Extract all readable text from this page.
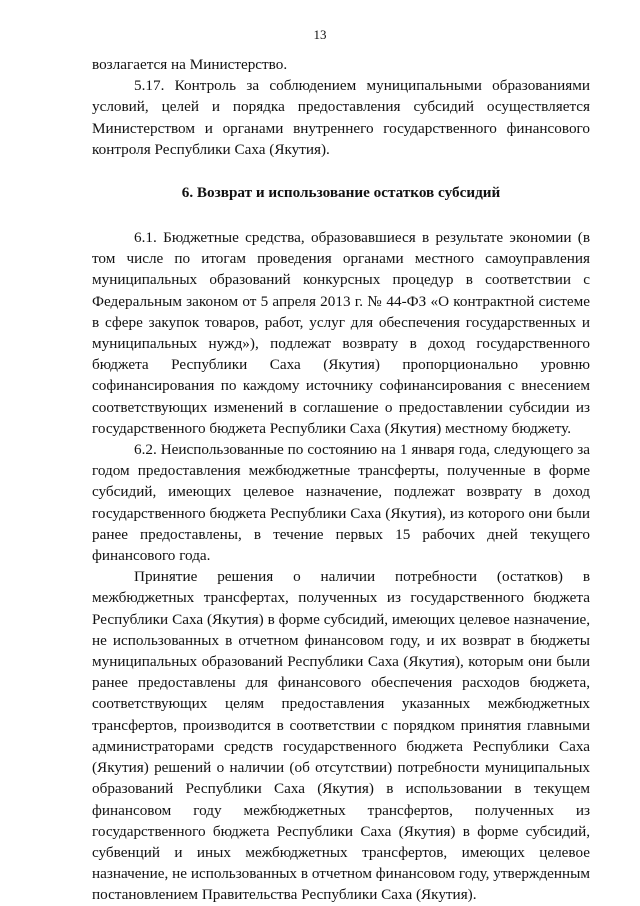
13

возлагается на Министерство.

5.17. Контроль за соблюдением муниципальными образованиями условий, целей и порядка предоставления субсидий осуществляется Министерством и органами внутреннего государственного финансового контроля Республики Саха (Якутия).

6. Возврат и использование остатков субсидий

6.1. Бюджетные средства, образовавшиеся в результате экономии (в том числе по итогам проведения органами местного самоуправления муниципальных образований конкурсных процедур в соответствии с Федеральным законом от 5 апреля 2013 г. № 44-ФЗ «О контрактной системе в сфере закупок товаров, работ, услуг для обеспечения государственных и муниципальных нужд»), подлежат возврату в доход государственного бюджета Республики Саха (Якутия) пропорционально уровню софинансирования по каждому источнику софинансирования с внесением соответствующих изменений в соглашение о предоставлении субсидии из государственного бюджета Республики Саха (Якутия) местному бюджету.

6.2. Неиспользованные по состоянию на 1 января года, следующего за годом предоставления межбюджетные трансферты, полученные в форме субсидий, имеющих целевое назначение, подлежат возврату в доход государственного бюджета Республики Саха (Якутия), из которого они были ранее предоставлены, в течение первых 15 рабочих дней текущего финансового года.

Принятие решения о наличии потребности (остатков) в межбюджетных трансфертах, полученных из государственного бюджета Республики Саха (Якутия) в форме субсидий, имеющих целевое назначение, не использованных в отчетном финансовом году, и их возврат в бюджеты муниципальных образований Республики Саха (Якутия), которым они были ранее предоставлены для финансового обеспечения расходов бюджета, соответствующих целям предоставления указанных межбюджетных трансфертов, производится в соответствии с порядком принятия главными администраторами средств государственного бюджета Республики Саха (Якутия) решений о наличии (об отсутствии) потребности муниципальных образований Республики Саха (Якутия) в использовании в текущем финансовом году межбюджетных трансфертов, полученных из государственного бюджета Республики Саха (Якутия) в форме субсидий, субвенций и иных межбюджетных трансфертов, имеющих целевое назначение, не использованных в отчетном финансовом году, утвержденным постановлением Правительства Республики Саха (Якутия).
